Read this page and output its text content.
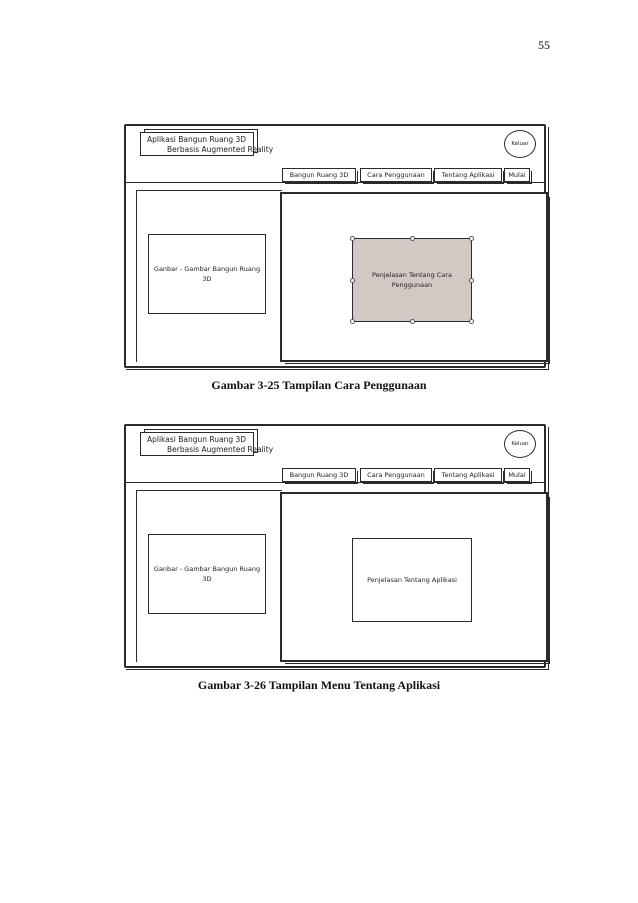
55
Aplikasi Bangun Ruang 3D
Berbasis Augmented Reality
Keluar
Bangun Ruang 3D	Cara Penggunaan	Tentang Aplikasi	Mulai
Ganbar - Gambar Bangun Ruang 3D	Penjelasan Tentang Cara Penggunaan
Gambar 3-25 Tampilan Cara Penggunaan
Aplikasi Bangun Ruang 3D
Berbasis Augmented Reality
Keluar
Bangun Ruang 3D	Cara Penggunaan	Tentang Aplikasi	Mulai
Ganbar - Gambar Bangun Ruang 3D	Penjelasan Tentang Aplikasi
Gambar 3-26 Tampilan Menu Tentang Aplikasi
